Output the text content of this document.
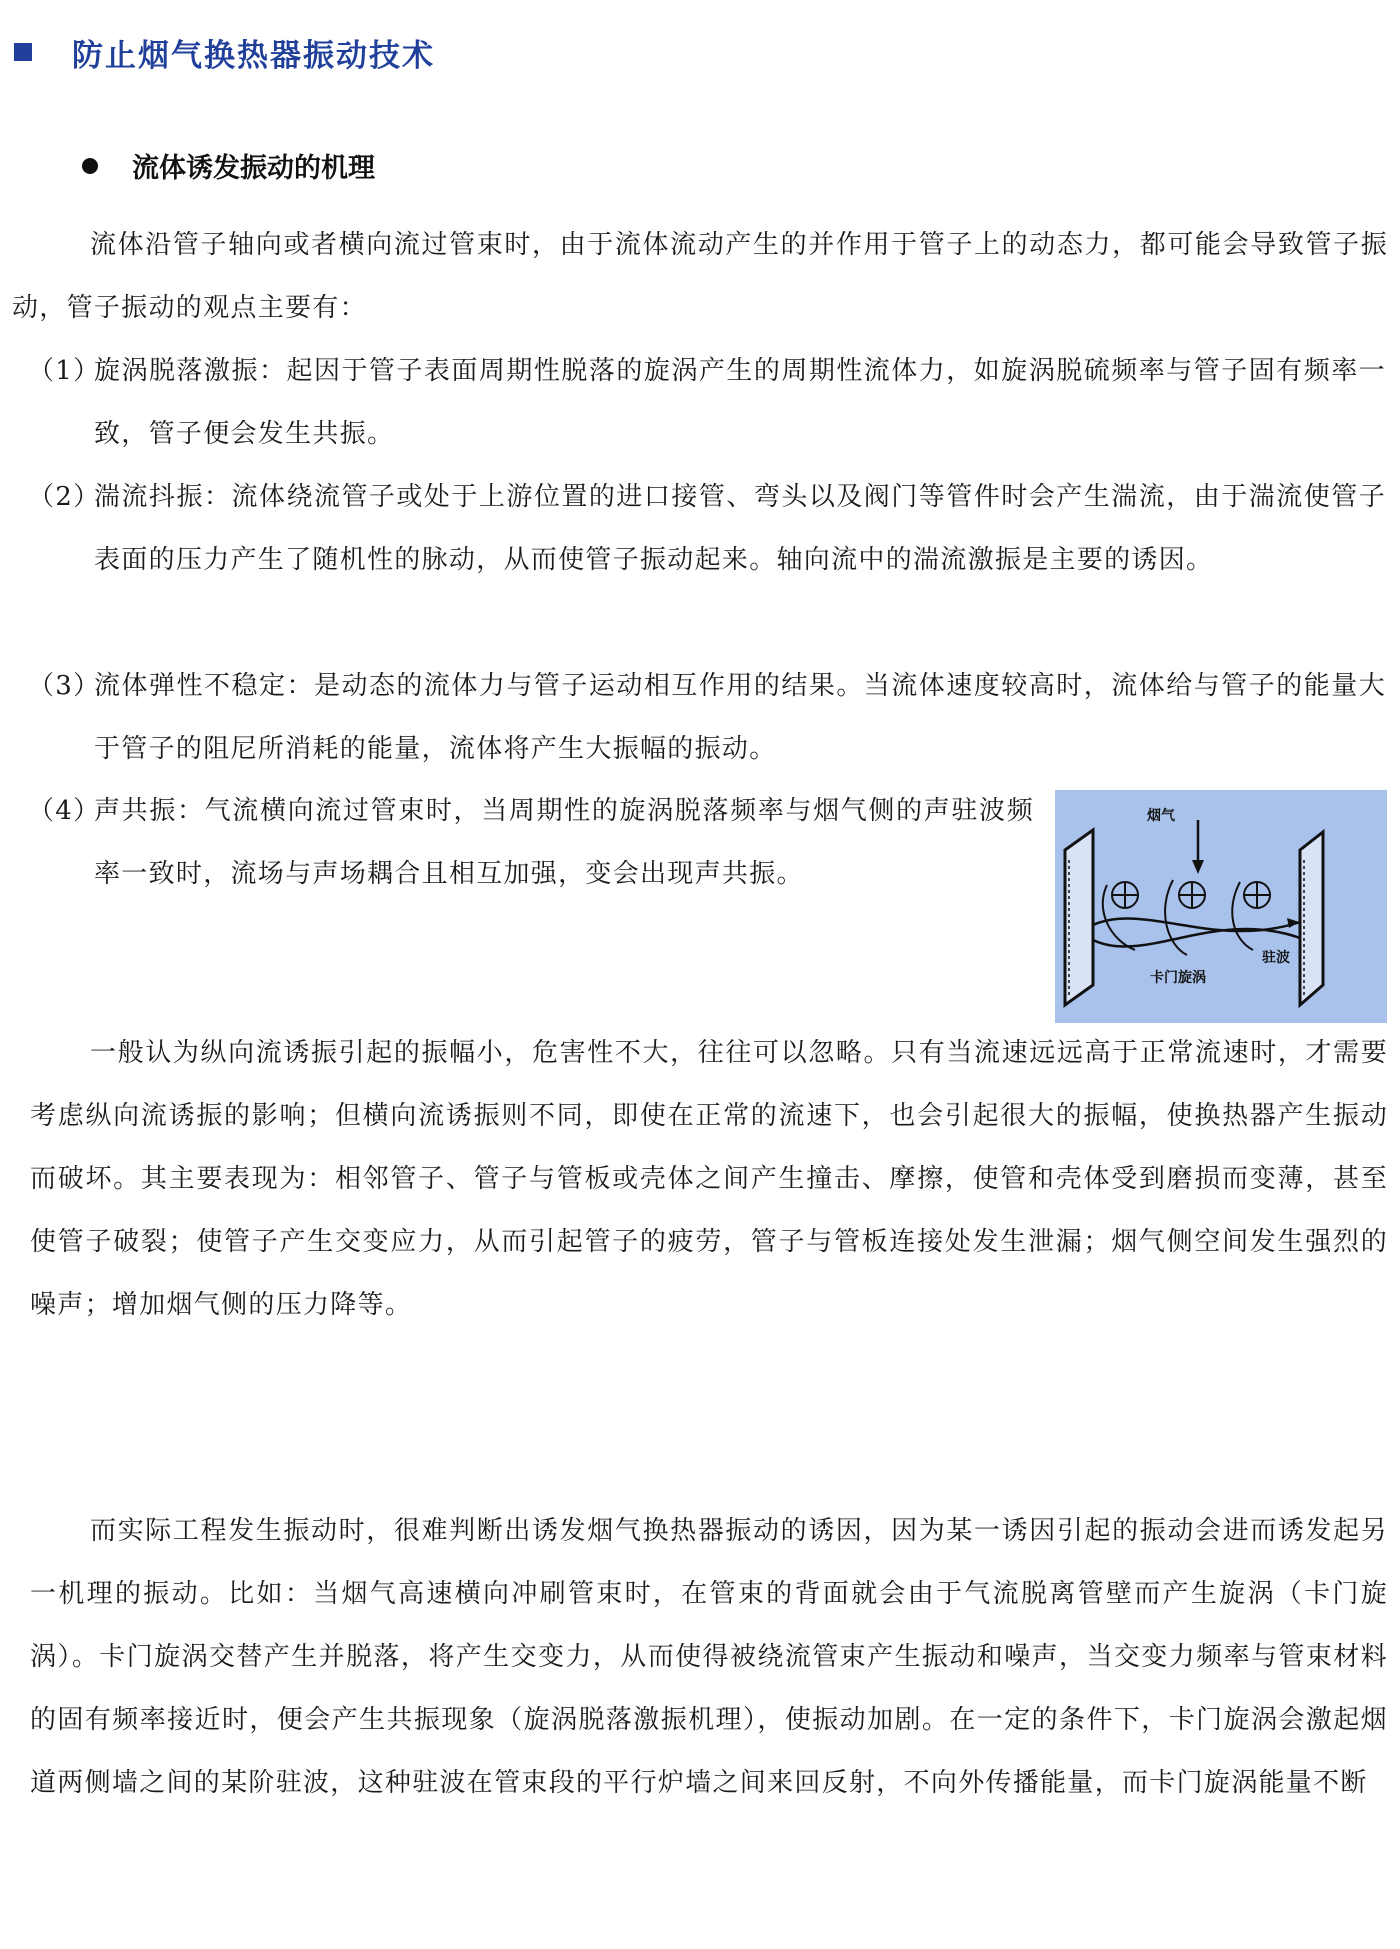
防止烟气换热器振动技术
流体诱发振动的机理

流体沿管子轴向或者横向流过管束时，由于流体流动产生的并作用于管子上的动态力，都可能会导致管子振动，管子振动的观点主要有：

（1）
旋涡脱落激振：起因于管子表面周期性脱落的旋涡产生的周期性流体力，如旋涡脱硫频率与管子固有频率一致，管子便会发生共振。

（2）
湍流抖振：流体绕流管子或处于上游位置的进口接管、弯头以及阀门等管件时会产生湍流，由于湍流使管子表面的压力产生了随机性的脉动，从而使管子振动起来。轴向流中的湍流激振是主要的诱因。

（3）
流体弹性不稳定：是动态的流体力与管子运动相互作用的结果。当流体速度较高时，流体给与管子的能量大于管子的阻尼所消耗的能量，流体将产生大振幅的振动。

（4）
声共振：气流横向流过管束时，当周期性的旋涡脱落频率与烟气侧的声驻波频率一致时，流场与声场耦合且相互加强，变会出现声共振。

烟气
卡门旋涡
驻波

一般认为纵向流诱振引起的振幅小，危害性不大，往往可以忽略。只有当流速远远高于正常流速时，才需要考虑纵向流诱振的影响；但横向流诱振则不同，即使在正常的流速下，也会引起很大的振幅，使换热器产生振动而破坏。其主要表现为：相邻管子、管子与管板或壳体之间产生撞击、摩擦，使管和壳体受到磨损而变薄，甚至使管子破裂；使管子产生交变应力，从而引起管子的疲劳，管子与管板连接处发生泄漏；烟气侧空间发生强烈的噪声；增加烟气侧的压力降等。

而实际工程发生振动时，很难判断出诱发烟气换热器振动的诱因，因为某一诱因引起的振动会进而诱发起另一机理的振动。比如：当烟气高速横向冲刷管束时，在管束的背面就会由于气流脱离管壁而产生旋涡（卡门旋涡）。卡门旋涡交替产生并脱落，将产生交变力，从而使得被绕流管束产生振动和噪声，当交变力频率与管束材料的固有频率接近时，便会产生共振现象（旋涡脱落激振机理），使振动加剧。在一定的条件下，卡门旋涡会激起烟道两侧墙之间的某阶驻波，这种驻波在管束段的平行炉墙之间来回反射，不向外传播能量，而卡门旋涡能量不断
